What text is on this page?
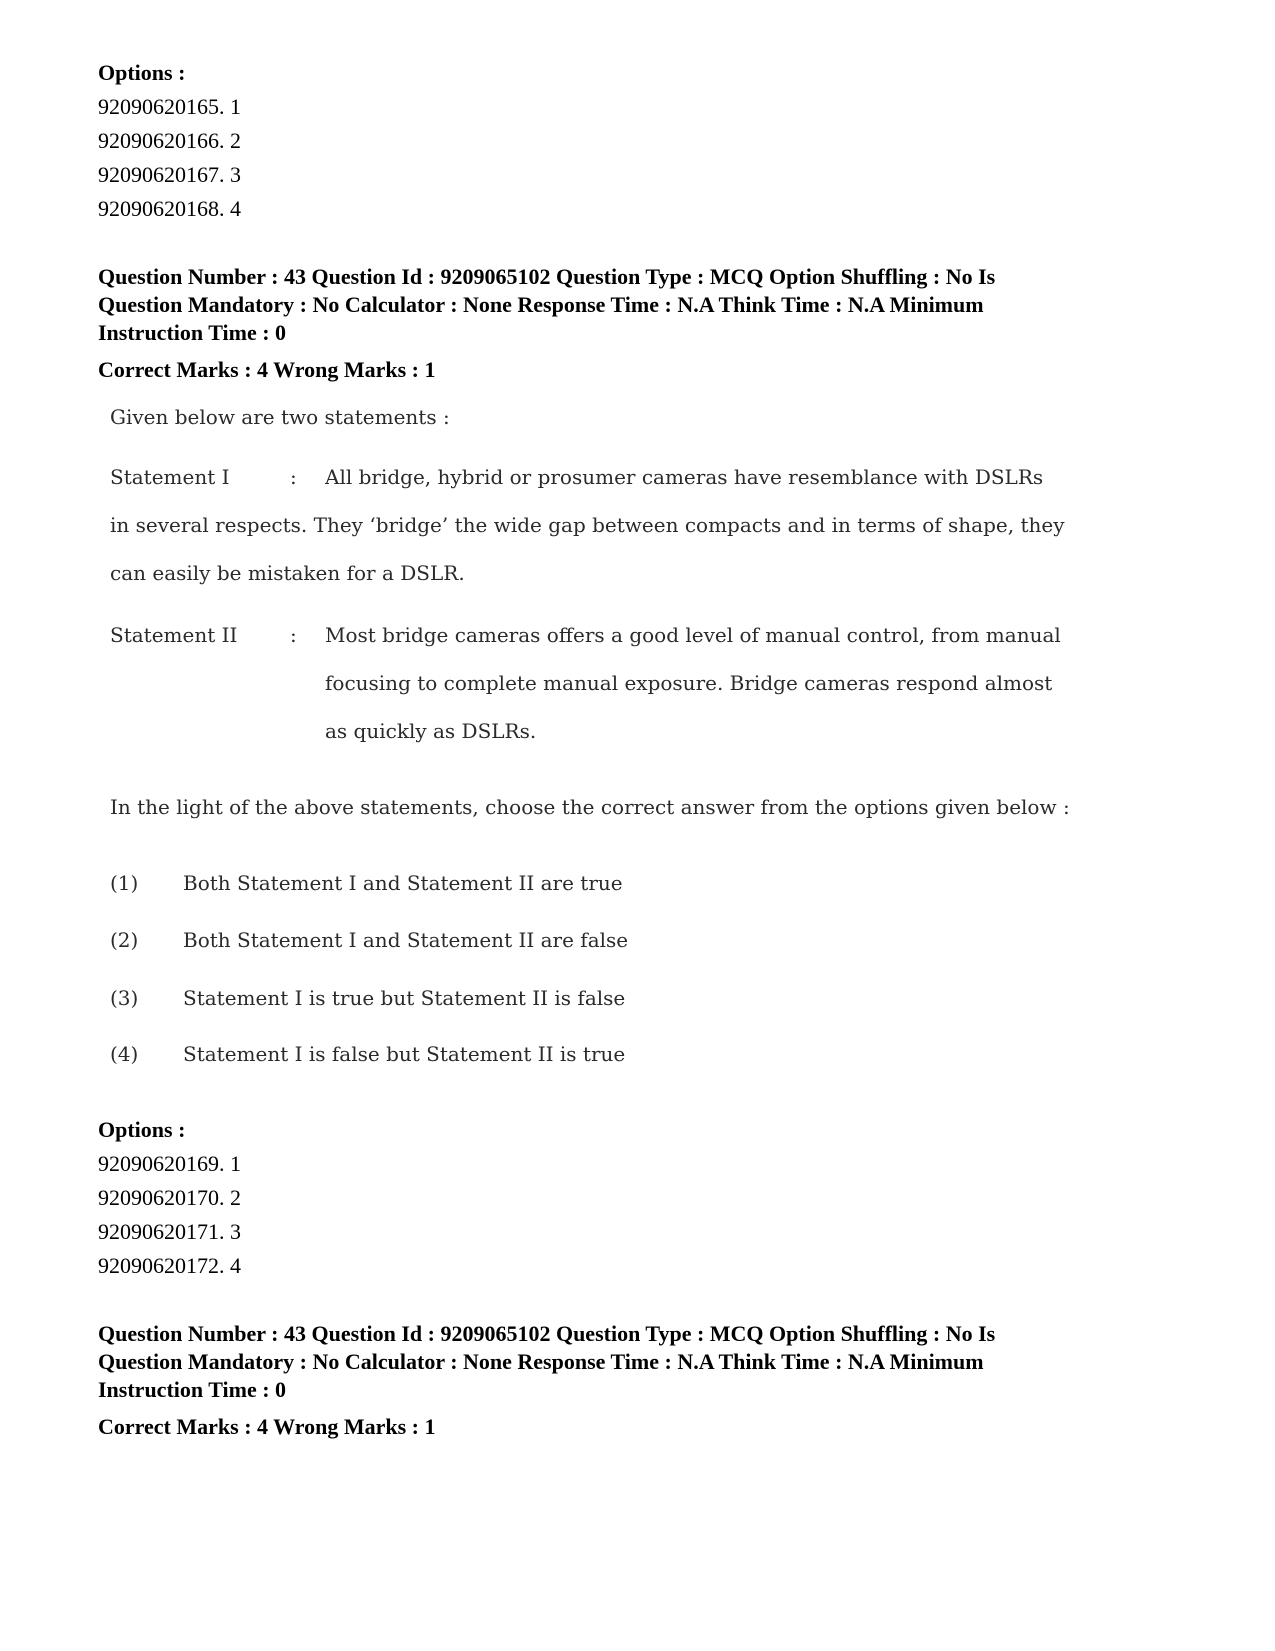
Options :
92090620165. 1
92090620166. 2
92090620167. 3
92090620168. 4
Question Number : 43 Question Id : 9209065102 Question Type : MCQ Option Shuffling : No Is
Question Mandatory : No Calculator : None Response Time : N.A Think Time : N.A Minimum
Instruction Time : 0
Correct Marks : 4 Wrong Marks : 1
Given below are two statements :
Statement I	: All bridge, hybrid or prosumer cameras have resemblance with DSLRs
in several respects. They ‘bridge’ the wide gap between compacts and in terms of shape, they
can easily be mistaken for a DSLR.
Statement II	: Most bridge cameras offers a good level of manual control, from manual
focusing to complete manual exposure. Bridge cameras respond almost
as quickly as DSLRs.
In the light of the above statements, choose the correct answer from the options given below :
(1) Both Statement I and Statement II are true
(2) Both Statement I and Statement II are false
(3) Statement I is true but Statement II is false
(4) Statement I is false but Statement II is true
Options :
92090620169. 1
92090620170. 2
92090620171. 3
92090620172. 4
Question Number : 43 Question Id : 9209065102 Question Type : MCQ Option Shuffling : No Is
Question Mandatory : No Calculator : None Response Time : N.A Think Time : N.A Minimum
Instruction Time : 0
Correct Marks : 4 Wrong Marks : 1
